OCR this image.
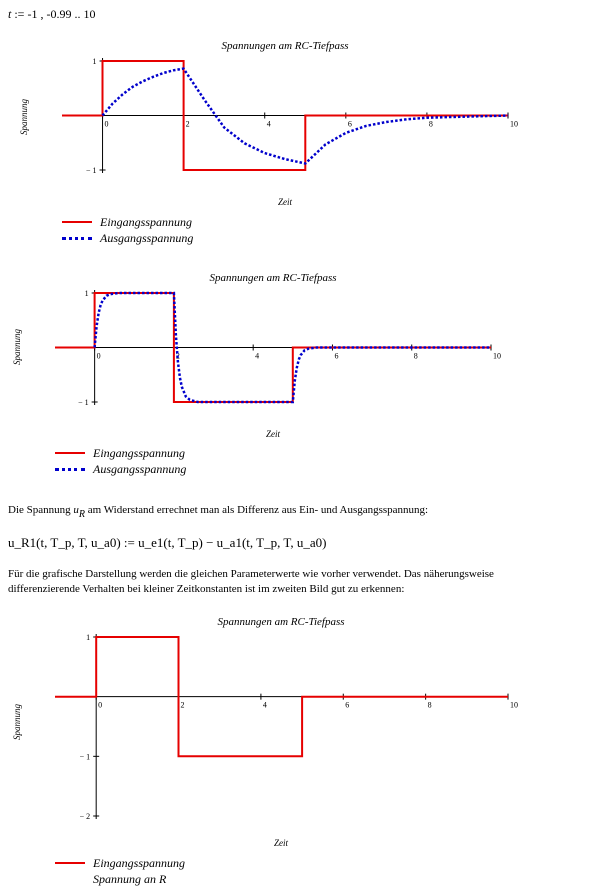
t := -1 , -0.99 .. 10
Spannungen am RC-Tiefpass
Spannung	0	2	4	6	8	10
− 1
1
Zeit
Eingangsspannung
Ausgangsspannung
Spannungen am RC-Tiefpass
Spannung	0	2	4	6	8	10
− 1
1
Zeit
Eingangsspannung
Ausgangsspannung
Die Spannung uR am Widerstand errechnet man als Differenz aus Ein- und Ausgangsspannung:
u_R1(t, T_p, T, u_a0) := u_e1(t, T_p) − u_a1(t, T_p, T, u_a0)
Für die grafische Darstellung werden die gleichen Parameterwerte wie vorher verwendet. Das näherungsweise
differenzierende Verhalten bei kleiner Zeitkonstanten ist im zweiten Bild gut zu erkennen:
Spannungen am RC-Tiefpass
Spannung	0	2	4	6	8	10
− 2
− 1
1
Zeit
Eingangsspannung
Spannung an R
